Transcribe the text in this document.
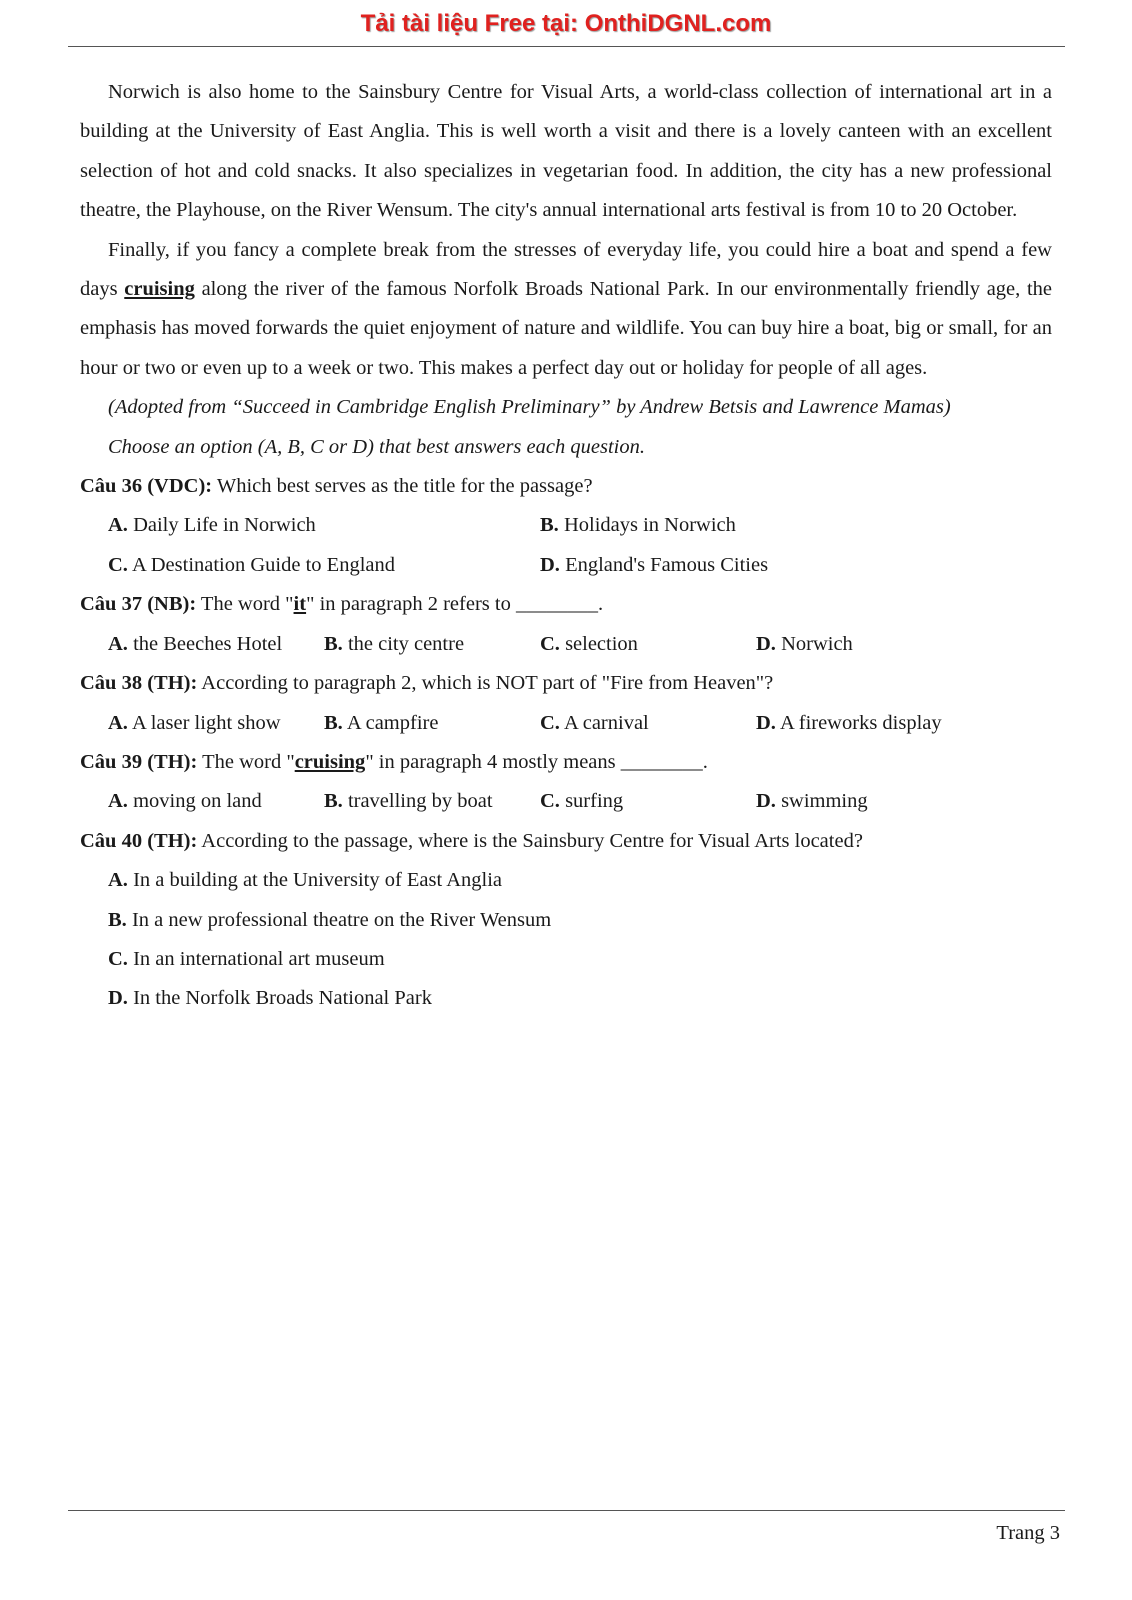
Tải tài liệu Free tại: OnthiDGNL.com

Norwich is also home to the Sainsbury Centre for Visual Arts, a world-class collection of international art in a building at the University of East Anglia. This is well worth a visit and there is a lovely canteen with an excellent selection of hot and cold snacks. It also specializes in vegetarian food. In addition, the city has a new professional theatre, the Playhouse, on the River Wensum. The city's annual international arts festival is from 10 to 20 October.

Finally, if you fancy a complete break from the stresses of everyday life, you could hire a boat and spend a few days cruising along the river of the famous Norfolk Broads National Park. In our environmentally friendly age, the emphasis has moved forwards the quiet enjoyment of nature and wildlife. You can buy hire a boat, big or small, for an hour or two or even up to a week or two. This makes a perfect day out or holiday for people of all ages.

(Adopted from “Succeed in Cambridge English Preliminary” by Andrew Betsis and Lawrence Mamas)

Choose an option (A, B, C or D) that best answers each question.

Câu 36 (VDC): Which best serves as the title for the passage?

A. Daily Life in Norwich	B. Holidays in Norwich

C. A Destination Guide to England	D. England's Famous Cities

Câu 37 (NB): The word "it" in paragraph 2 refers to ________.

A. the Beeches Hotel	B. the city centre	C. selection	D. Norwich

Câu 38 (TH): According to paragraph 2, which is NOT part of "Fire from Heaven"?

A. A laser light show	B. A campfire	C. A carnival	D. A fireworks display

Câu 39 (TH): The word "cruising" in paragraph 4 mostly means ________.

A. moving on land	B. travelling by boat	C. surfing	D. swimming

Câu 40 (TH): According to the passage, where is the Sainsbury Centre for Visual Arts located?

A. In a building at the University of East Anglia

B. In a new professional theatre on the River Wensum

C. In an international art museum

D. In the Norfolk Broads National Park

Trang 3
